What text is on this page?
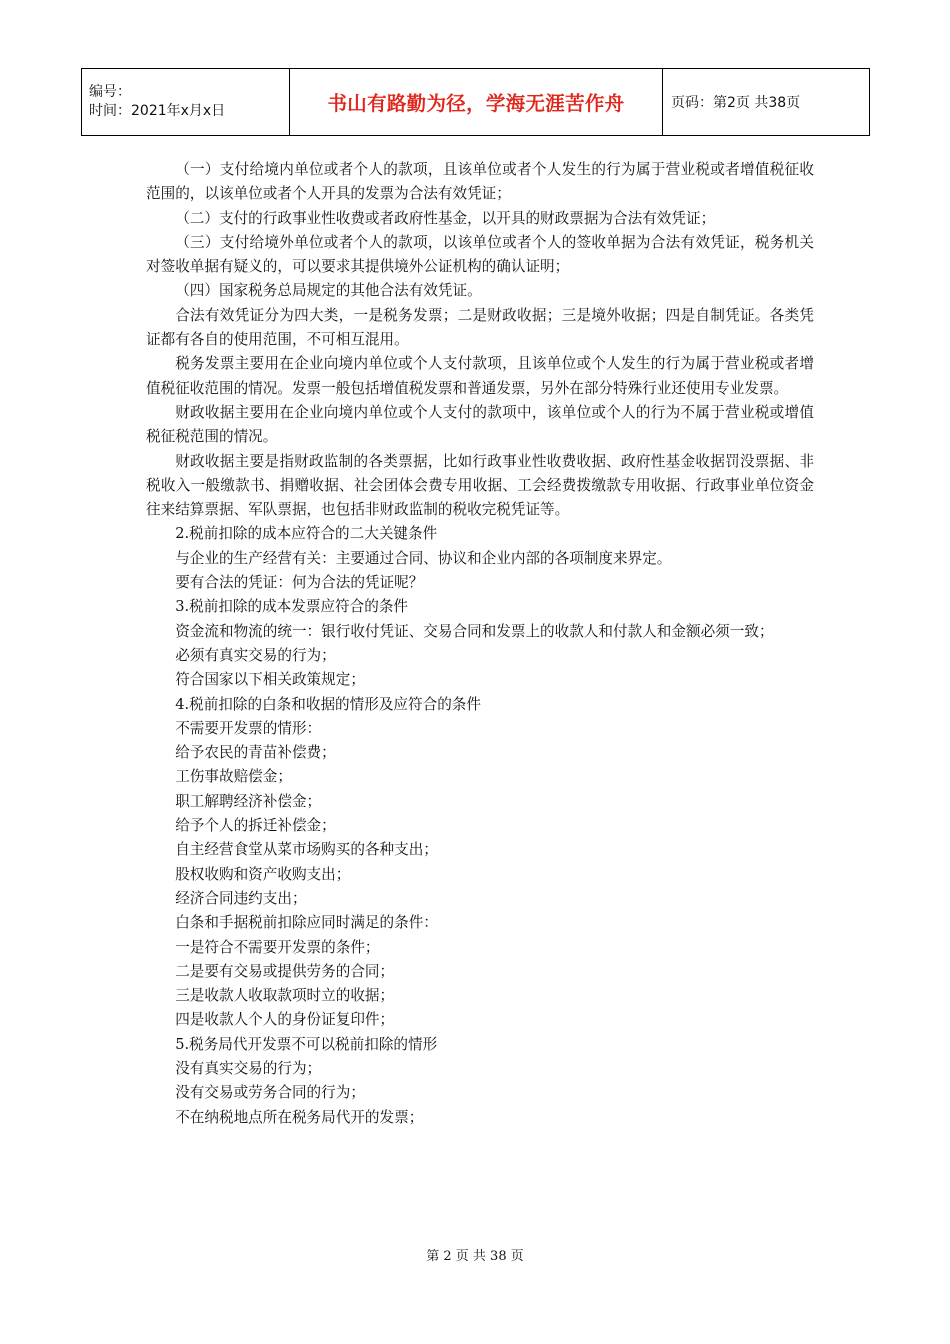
编号：
时间：2021年x月x日	书山有路勤为径，学海无涯苦作舟	页码：第2页 共38页

（一）支付给境内单位或者个人的款项，且该单位或者个人发生的行为属于营业税或者增值税征收范围的，以该单位或者个人开具的发票为合法有效凭证；

（二）支付的行政事业性收费或者政府性基金，以开具的财政票据为合法有效凭证；

（三）支付给境外单位或者个人的款项，以该单位或者个人的签收单据为合法有效凭证，税务机关对签收单据有疑义的，可以要求其提供境外公证机构的确认证明；

（四）国家税务总局规定的其他合法有效凭证。

合法有效凭证分为四大类，一是税务发票；二是财政收据；三是境外收据；四是自制凭证。各类凭证都有各自的使用范围，不可相互混用。

税务发票主要用在企业向境内单位或个人支付款项，且该单位或个人发生的行为属于营业税或者增值税征收范围的情况。发票一般包括增值税发票和普通发票，另外在部分特殊行业还使用专业发票。

财政收据主要用在企业向境内单位或个人支付的款项中，该单位或个人的行为不属于营业税或增值税征税范围的情况。

财政收据主要是指财政监制的各类票据，比如行政事业性收费收据、政府性基金收据罚没票据、非税收入一般缴款书、捐赠收据、社会团体会费专用收据、工会经费拨缴款专用收据、行政事业单位资金往来结算票据、军队票据，也包括非财政监制的税收完税凭证等。

2.税前扣除的成本应符合的二大关键条件

与企业的生产经营有关：主要通过合同、协议和企业内部的各项制度来界定。

要有合法的凭证：何为合法的凭证呢？

3.税前扣除的成本发票应符合的条件

资金流和物流的统一：银行收付凭证、交易合同和发票上的收款人和付款人和金额必须一致；

必须有真实交易的行为；

符合国家以下相关政策规定；

4.税前扣除的白条和收据的情形及应符合的条件

不需要开发票的情形：

给予农民的青苗补偿费；

工伤事故赔偿金；

职工解聘经济补偿金；

给予个人的拆迁补偿金；

自主经营食堂从菜市场购买的各种支出；

股权收购和资产收购支出；

经济合同违约支出；

白条和手据税前扣除应同时满足的条件：

一是符合不需要开发票的条件；

二是要有交易或提供劳务的合同；

三是收款人收取款项时立的收据；

四是收款人个人的身份证复印件；

5.税务局代开发票不可以税前扣除的情形

没有真实交易的行为；

没有交易或劳务合同的行为；

不在纳税地点所在税务局代开的发票；

第 2 页 共 38 页
